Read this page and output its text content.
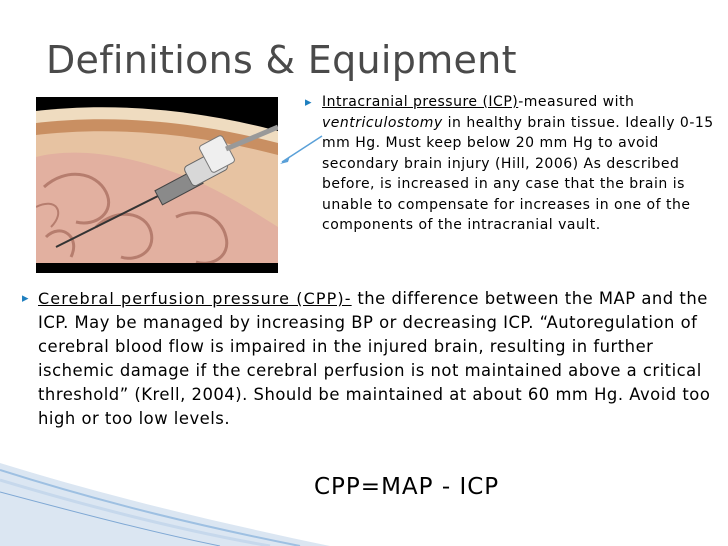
Definitions & Equipment
▸ Intracranial pressure (ICP)-measured with ventriculostomy in healthy brain tissue. Ideally 0-15 mm Hg. Must keep below 20 mm Hg to avoid secondary brain injury (Hill, 2006) As described before, is increased in any case that the brain is unable to compensate for increases in one of the components of the intracranial vault.
▸ Cerebral perfusion pressure (CPP)- the difference between the MAP and the ICP. May be managed by increasing BP or decreasing ICP. “Autoregulation of cerebral blood flow is impaired in the injured brain, resulting in further ischemic damage if the cerebral perfusion is not maintained above a critical threshold” (Krell, 2004). Should be maintained at about 60 mm Hg. Avoid too high or too low levels.
CPP=MAP - ICP
